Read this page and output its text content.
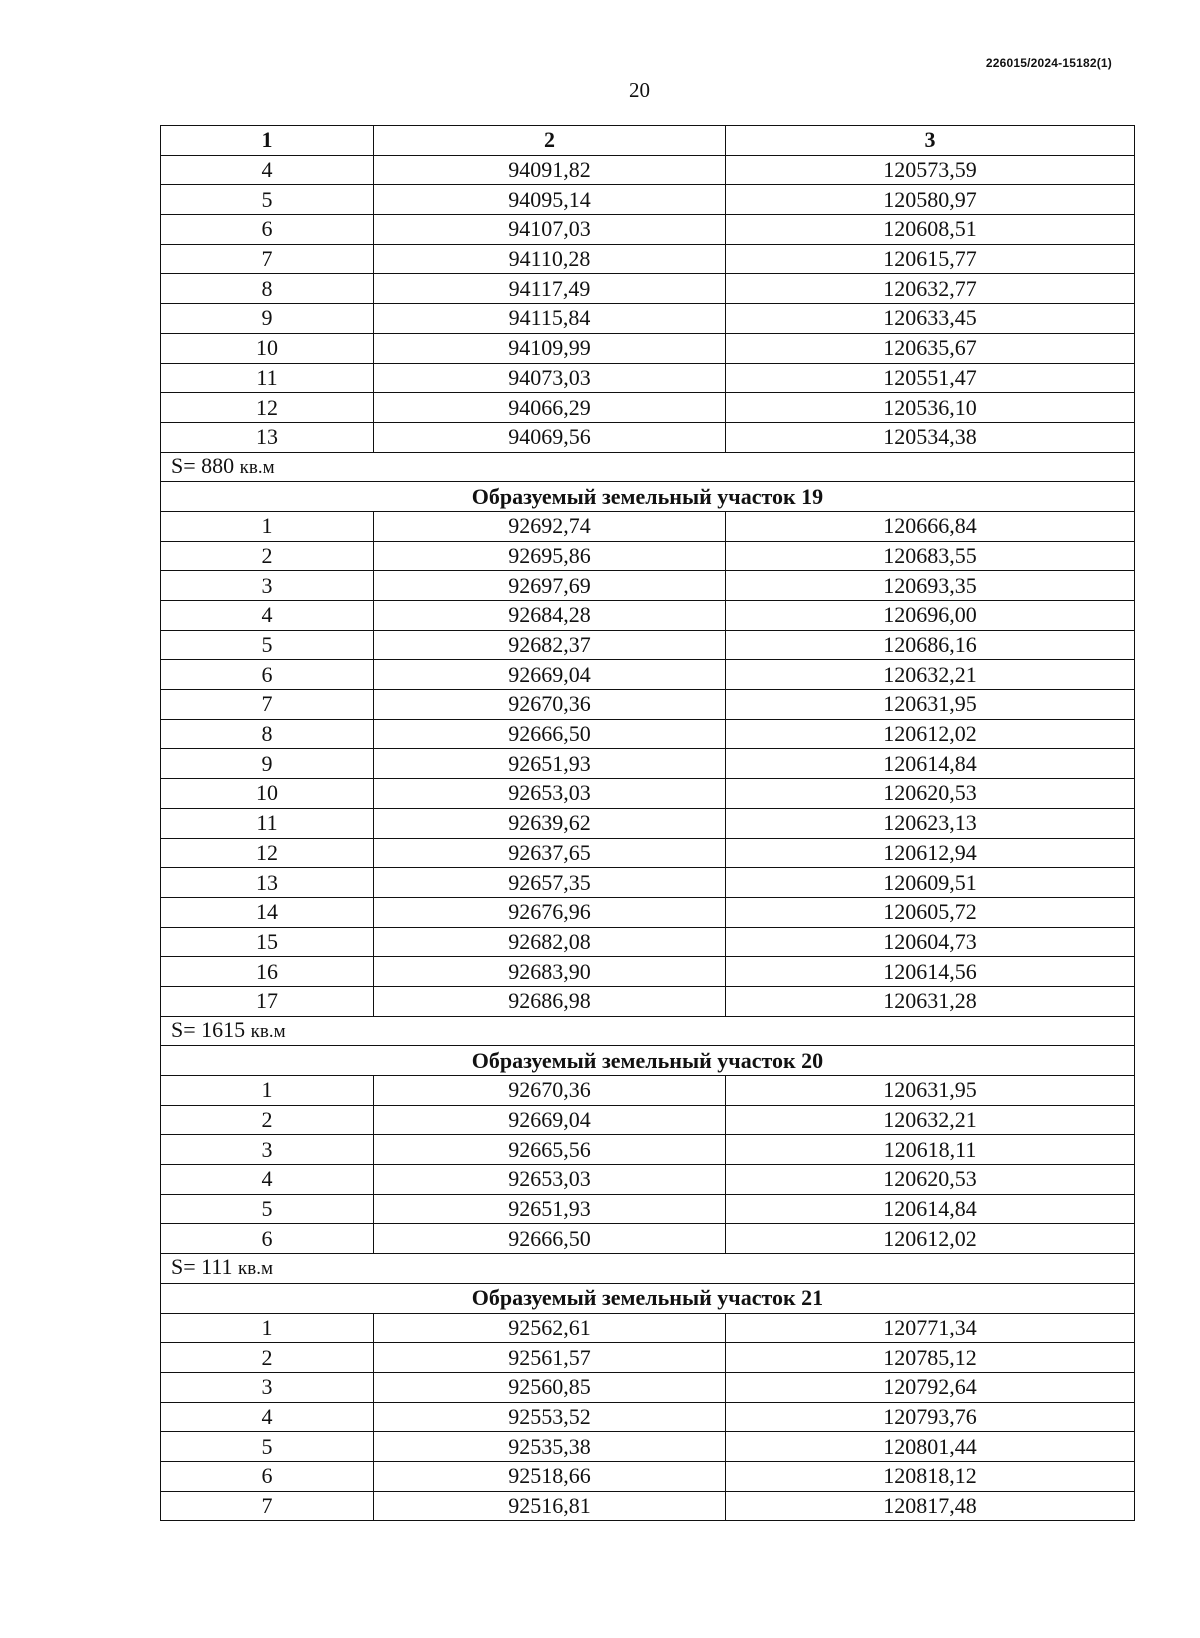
226015/2024-15182(1)
20
1	2	3
4	94091,82	120573,59
5	94095,14	120580,97
6	94107,03	120608,51
7	94110,28	120615,77
8	94117,49	120632,77
9	94115,84	120633,45
10	94109,99	120635,67
11	94073,03	120551,47
12	94066,29	120536,10
13	94069,56	120534,38
S= 880 кв.м		
Образуемый земельный участок 19		
1	92692,74	120666,84
2	92695,86	120683,55
3	92697,69	120693,35
4	92684,28	120696,00
5	92682,37	120686,16
6	92669,04	120632,21
7	92670,36	120631,95
8	92666,50	120612,02
9	92651,93	120614,84
10	92653,03	120620,53
11	92639,62	120623,13
12	92637,65	120612,94
13	92657,35	120609,51
14	92676,96	120605,72
15	92682,08	120604,73
16	92683,90	120614,56
17	92686,98	120631,28
S= 1615 кв.м		
Образуемый земельный участок 20		
1	92670,36	120631,95
2	92669,04	120632,21
3	92665,56	120618,11
4	92653,03	120620,53
5	92651,93	120614,84
6	92666,50	120612,02
S= 111 кв.м		
Образуемый земельный участок 21		
1	92562,61	120771,34
2	92561,57	120785,12
3	92560,85	120792,64
4	92553,52	120793,76
5	92535,38	120801,44
6	92518,66	120818,12
7	92516,81	120817,48
